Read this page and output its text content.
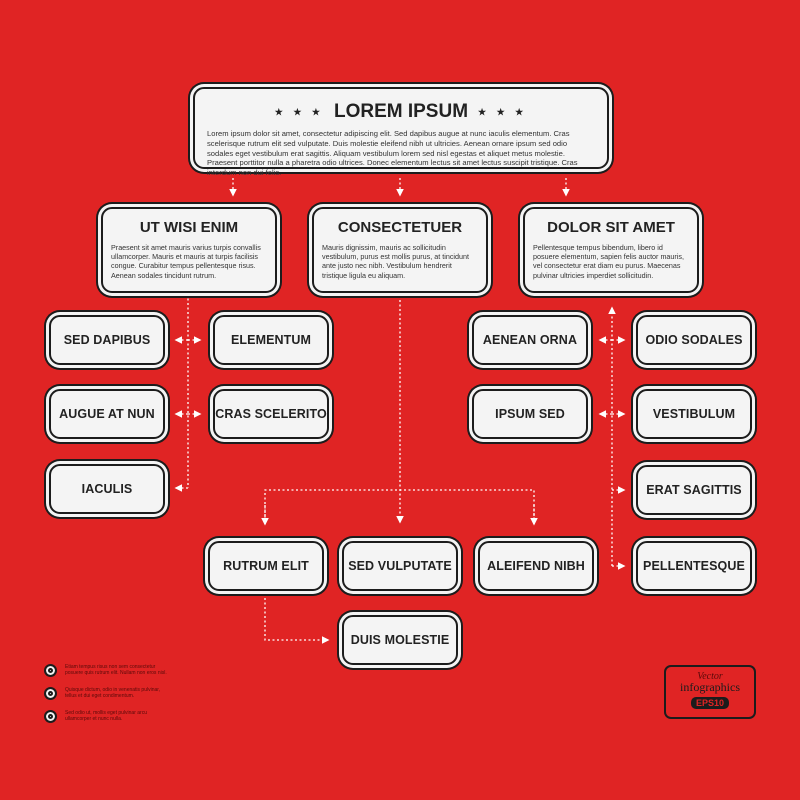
★ ★ ★ LOREM IPSUM ★ ★ ★
Lorem ipsum dolor sit amet, consectetur adipiscing elit. Sed dapibus augue at nunc iaculis elementum. Cras scelerisque rutrum elit sed vulputate. Duis molestie eleifend nibh ut ultricies. Aenean ornare ipsum sed odio sodales eget vestibulum erat sagittis. Aliquam vestibulum lorem sed nisl egestas et aliquet metus molestie. Praesent porttitor nulla a pharetra odio ultrices. Donec elementum lectus sit amet lectus suscipit tristique. Cras interdum non dui felis.
UT WISI ENIM
Praesent sit amet mauris varius turpis convallis ullamcorper. Mauris et mauris at turpis facilisis congue. Curabitur tempus pellentesque risus. Aenean sodales tincidunt rutrum.
CONSECTETUER
Mauris dignissim, mauris ac sollicitudin vestibulum, purus est mollis purus, at tincidunt ante justo nec nibh. Vestibulum hendrerit tristique ligula eu aliquam.
DOLOR SIT AMET
Pellentesque tempus bibendum, libero id posuere elementum, sapien felis auctor mauris, vel consectetur erat diam eu purus. Maecenas pulvinar ultricies imperdiet sollicitudin.
SED DAPIBUS	ELEMENTUM
AUGUE AT NUN	CRAS SCELERITO
IACULIS
AENEAN ORNA	ODIO SODALES
IPSUM SED	VESTIBULUM
ERAT SAGITTIS
PELLENTESQUE
RUTRUM ELIT	SED VULPUTATE	ALEIFEND NIBH
DUIS MOLESTIE
Etiam tempus risus non sem consectetur posuere quis rutrum elit. Nullam non eros nisl.
Quisque dictum, odio in venenatis pulvinar, tellus et dui eget condimentum.
Sed odio ut, mollis eget pulvinar arcu ullamcorper et nunc nulla.
Vector
infographics
EPS10
